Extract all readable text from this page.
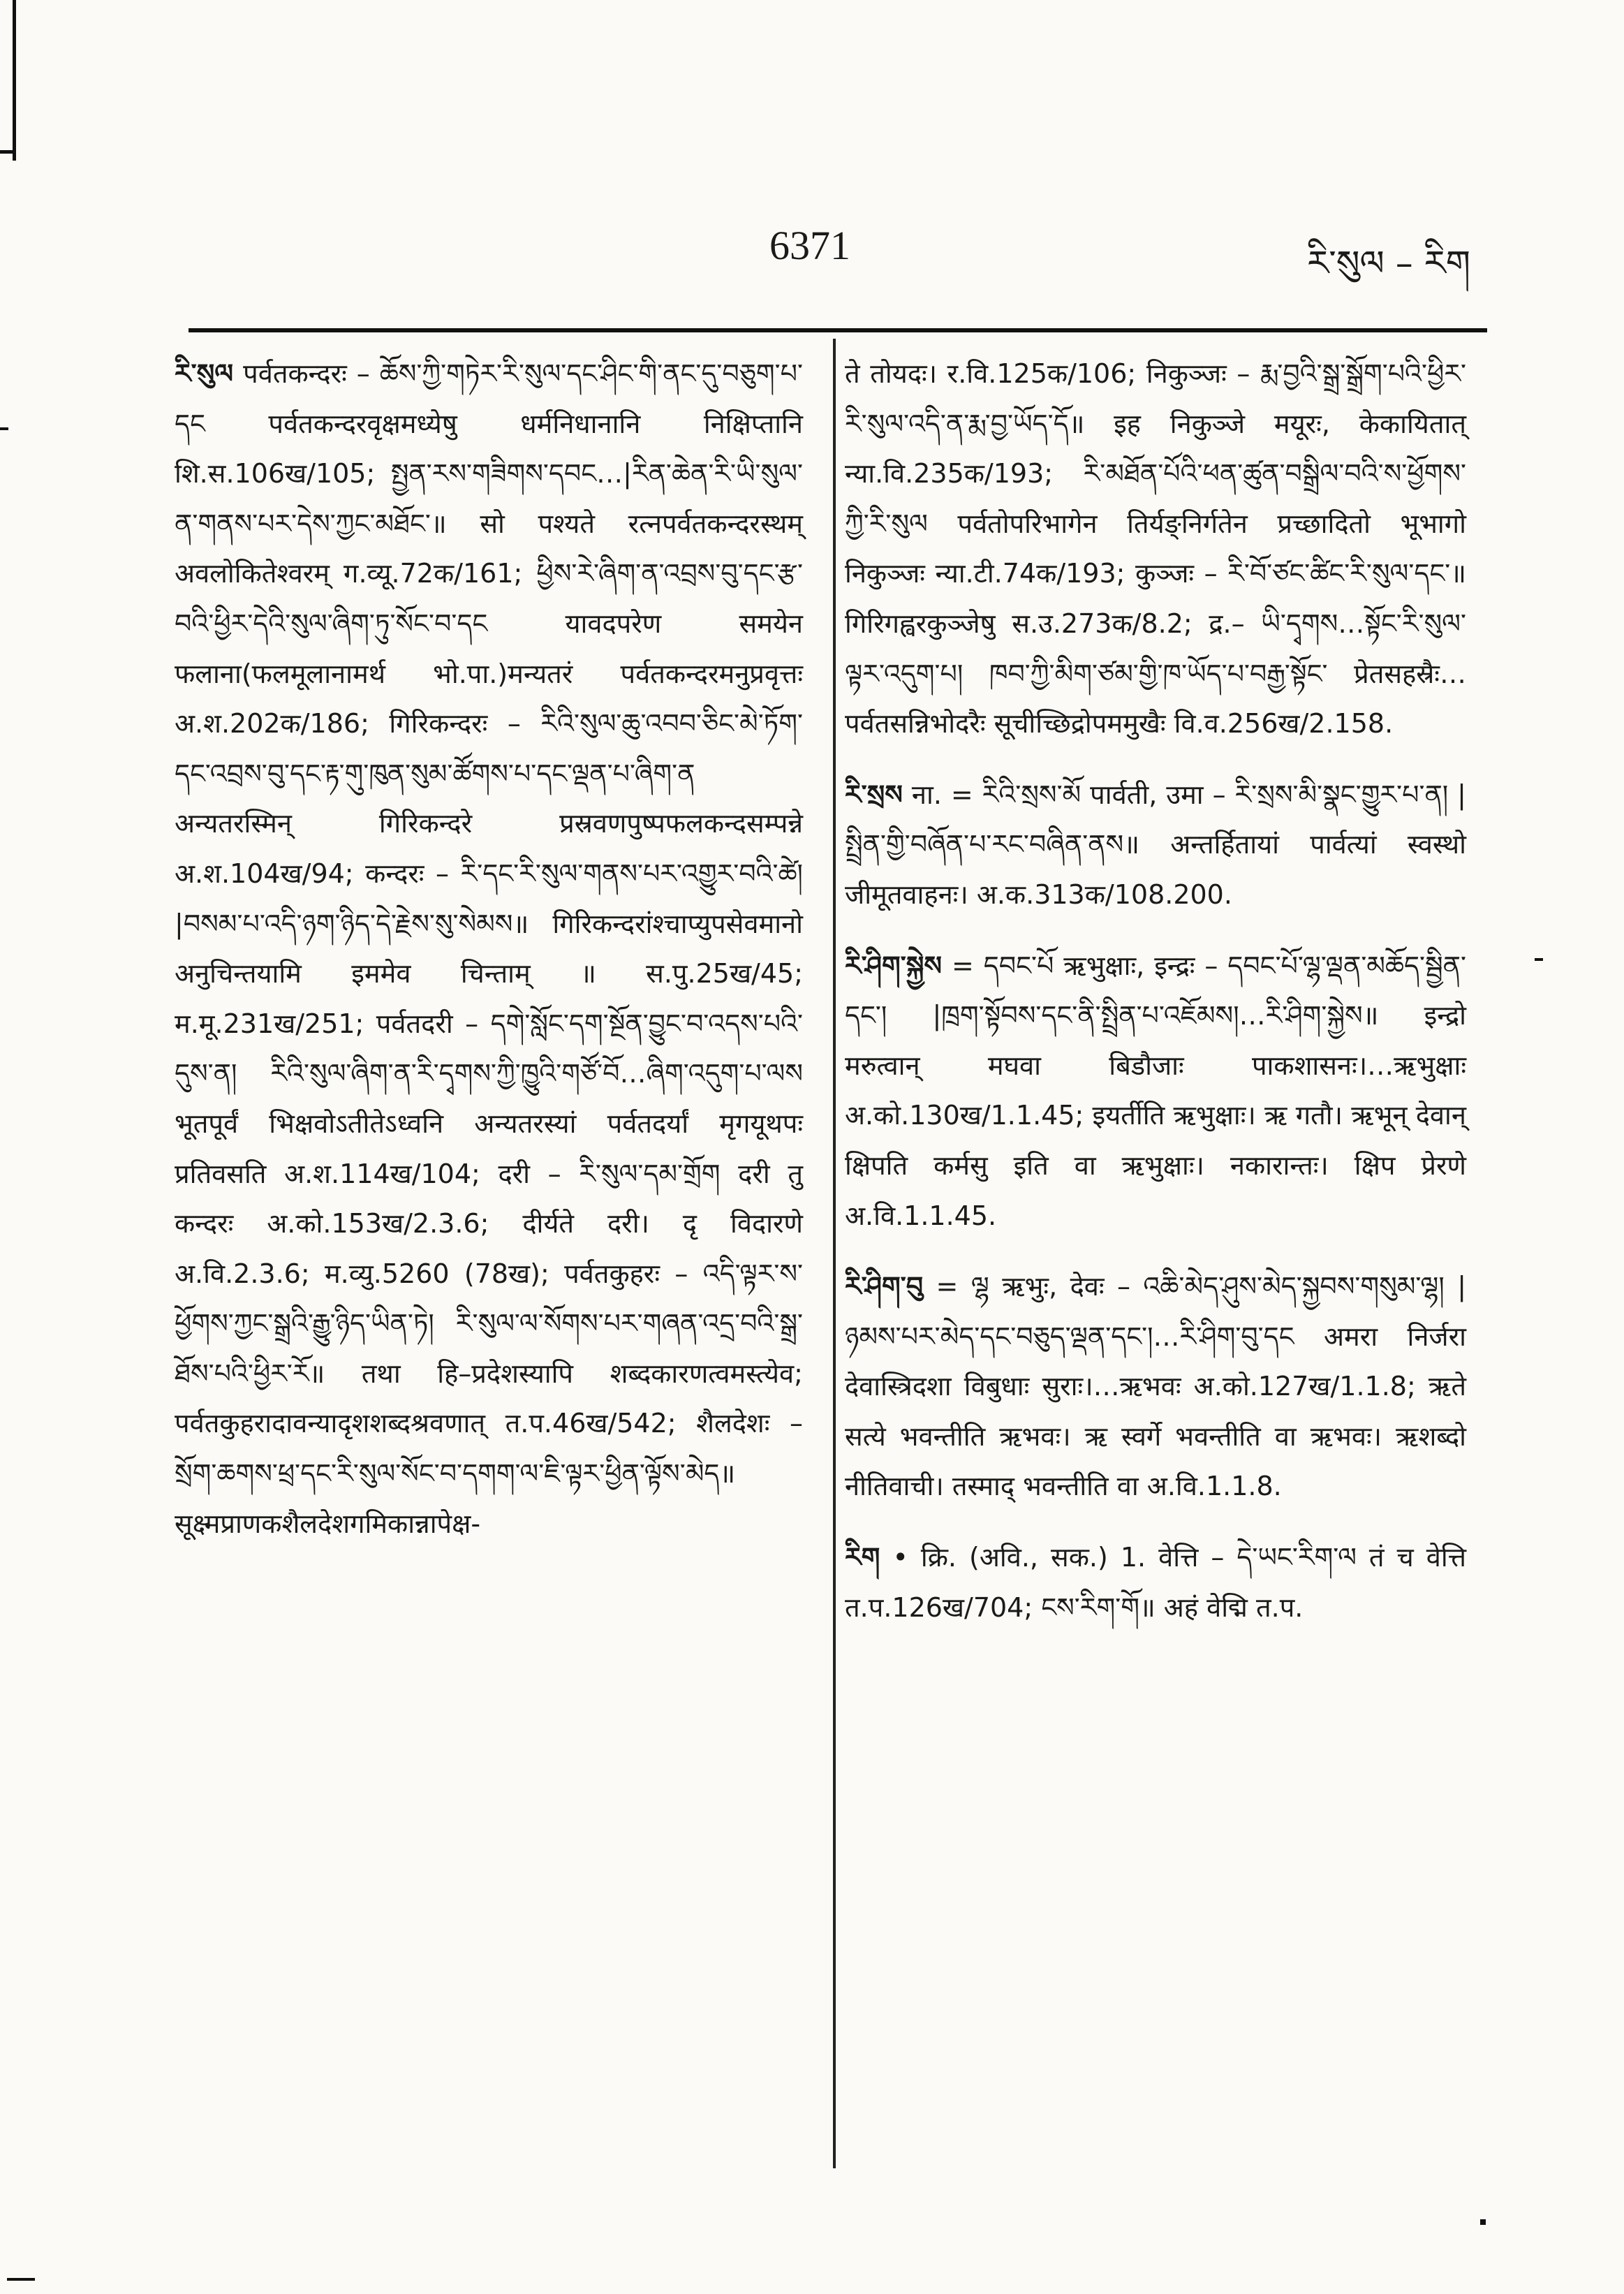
6371	རི་སུལ – རིག

རི་སུལ पर्वतकन्दरः – ཆོས་ཀྱི་གཏེར་རི་སུལ་དང་ཤིང་གི་ནང་དུ་བཅུག་པ་དང पर्वतकन्दरवृक्षमध्येषु धर्मनिधानानि निक्षिप्तानि शि.स.106ख/105; སྤྱན་རས་གཟིགས་དབང…|རིན་ཆེན་རི་ཡི་སུལ་ན་གནས་པར་དེས་ཀྱང་མཐོང་॥ सो पश्यते रत्नपर्वतकन्दरस्थम् अवलोकितेश्वरम् ग.व्यू.72क/161; ཕྱིས་རེ་ཞིག་ན་འབྲས་བུ་དང་རྩ་བའི་ཕྱིར་དེའི་སུལ་ཞིག་ཏུ་སོང་བ་དང यावदपरेण समयेन फलाना(फलमूलानामर्थ भो.पा.)मन्यतरं पर्वतकन्दरमनुप्रवृत्तः अ.श.202क/186; गिरिकन्दरः – རིའི་སུལ་ཆུ་འབབ་ཅིང་མེ་ཏོག་དང་འབྲས་བུ་དང་རྟ་གུ་ཁུན་སུམ་ཚོགས་པ་དང་ལྡན་པ་ཞིག་ན अन्यतरस्मिन् गिरिकन्दरे प्रस्रवणपुष्पफलकन्दसम्पन्ने अ.श.104ख/94; कन्दरः – རི་དང་རི་སུལ་གནས་པར་འགྱུར་བའི་ཚེ། |བསམ་པ་འདི་ཉག་ཉིད་དེ་རྗེས་སུ་སེམས॥ गिरिकन्दरांश्चाप्युपसेवमानो अनुचिन्तयामि इममेव चिन्ताम् ॥ स.पु.25ख/45; म.मू.231ख/251; पर्वतदरी – དགེ་སློང་དག་སྔོན་བྱུང་བ་འདས་པའི་དུས་ན། རིའི་སུལ་ཞིག་ན་རི་དྭགས་ཀྱི་ཁྱུའི་གཙོ་བོ…ཞིག་འདུག་པ་ལས भूतपूर्वं भिक्षवोऽतीतेऽध्वनि अन्यतरस्यां पर्वतदर्यां मृगयूथपः प्रतिवसति अ.श.114ख/104; दरी – རི་སུལ་དམ་གྲོག दरी तु कन्दरः अ.को.153ख/2.3.6; दीर्यते दरी। दृ विदारणे अ.वि.2.3.6; म.व्यु.5260 (78ख); पर्वतकुहरः – འདི་ལྟར་ས་ཕྱོགས་ཀྱང་སྒྲའི་རྒྱུ་ཉིད་ཡིན་ཏེ། རི་སུལ་ལ་སོགས་པར་གཞན་འདྲ་བའི་སྒྲ་ཐོས་པའི་ཕྱིར་རོ॥ तथा हि–प्रदेशस्यापि शब्दकारणत्वमस्त्येव; पर्वतकुहरादावन्यादृशशब्दश्रवणात् त.प.46ख/542; शैलदेशः – སྲོག་ཆགས་ཕྲ་དང་རི་སུལ་སོང་བ་དགག་ལ་ཇི་ལྟར་ཕྱིན་ལྟོས་མེད॥ सूक्ष्मप्राणकशैलदेशगमिकान्नापेक्ष-

ते तोयदः। र.वि.125क/106; निकुञ्जः – རྨ་བྱའི་སྒྲ་སྒྲོག་པའི་ཕྱིར་རི་སུལ་འདི་ན་རྨ་བྱ་ཡོད་དོ॥ इह निकुञ्जे मयूरः, केकायितात् न्या.वि.235क/193; རི་མཐོན་པོའི་ཕན་ཚུན་བསྒྲིལ་བའི་ས་ཕྱོགས་ཀྱི་རི་སུལ पर्वतोपरिभागेन तिर्यङ्निर्गतेन प्रच्छादितो भूभागो निकुञ्जः न्या.टी.74क/193; कुञ्जः – རི་བོ་ཙང་ཚིང་རི་སུལ་དང༌॥ गिरिगह्वरकुञ्जेषु स.उ.273क/8.2; द्र.– ཡི་དྭགས…སྟོང་རི་སུལ་ལྟར་འདུག་པ། ཁབ་ཀྱི་མིག་ཙམ་གྱི་ཁ་ཡོད་པ་བརྒྱ་སྟོང་ प्रेतसहस्रैः…पर्वतसन्निभोदरैः सूचीच्छिद्रोपममुखैः वि.व.256ख/2.158.

རི་སྲས ना. = རིའི་སྲས་མོ पार्वती, उमा – རི་སྲས་མི་སྣང་གྱུར་པ་ན། |སྤྲིན་གྱི་བཞོན་པ་རང་བཞིན་ནས॥ अन्तर्हितायां पार्वत्यां स्वस्थो जीमूतवाहनः। अ.क.313क/108.200.

རི་ཤིག་སྐྱེས = དབང་པོ ऋभुक्षाः, इन्द्रः – དབང་པོ་ལྷ་ལྡན་མཆོད་སྦྱིན་དང་། |ཁྲག་སྟོབས་དང་ནི་སྤྲིན་པ་འཇོམས།…རི་ཤིག་སྐྱེས॥ इन्द्रो मरुत्वान् मघवा बिडौजाः पाकशासनः।…ऋभुक्षाः अ.को.130ख/1.1.45; इयर्तीति ऋभुक्षाः। ऋ गतौ। ऋभून् देवान् क्षिपति कर्मसु इति वा ऋभुक्षाः। नकारान्तः। क्षिप प्रेरणे अ.वि.1.1.45.

རི་ཤིག་བུ = ལྷ ऋभुः, देवः – འཆི་མེད་ཤུས་མེད་སྐྱབས་གསུམ་ལྷ། |ཉམས་པར་མེད་དང་བཅུད་ལྡན་དང་།…རི་ཤིག་བུ་དང अमरा निर्जरा देवास्त्रिदशा विबुधाः सुराः।…ऋभवः अ.को.127ख/1.1.8; ऋते सत्ये भवन्तीति ऋभवः। ऋ स्वर्गे भवन्तीति वा ऋभवः। ऋशब्दो नीतिवाची। तस्माद् भवन्तीति वा अ.वि.1.1.8.

རིག • क्रि. (अवि., सक.) 1. वेत्ति – དེ་ཡང་རིག་ལ तं च वेत्ति त.प.126ख/704; ངས་རིག་གོ॥ अहं वेद्मि त.प.
